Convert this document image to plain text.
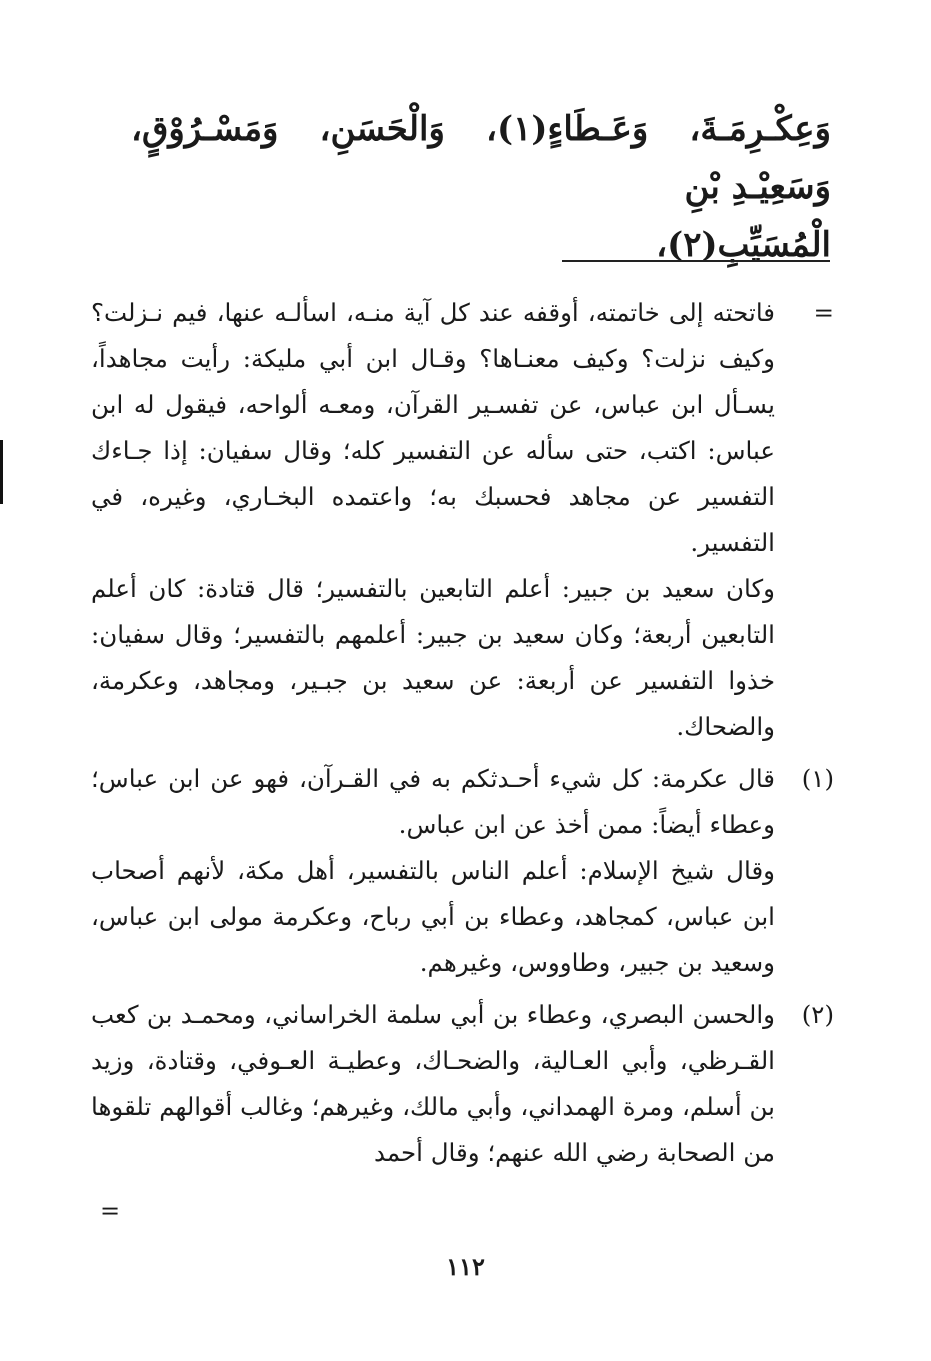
وَعِكْـرِمَـةَ، وَعَـطَاءٍ(١)، وَالْحَسَنِ، وَمَسْـرُوْقٍ، وَسَعِيْـدِ بْنِ
الْمُسَيِّبِ(٢)،
=

فاتحته إلى خاتمته، أوقفه عند كل آية منـه، اسألـه عنها، فيم نـزلت؟ وكيف نزلت؟ وكيف معنـاها؟ وقـال ابن أبي مليكة: رأيت مجاهداً، يسـأل ابن عباس، عن تفسـير القرآن، ومعـه ألواحه، فيقول له ابن عباس: اكتب، حتى سأله عن التفسير كله؛ وقال سفيان: إذا جـاءك التفسير عن مجاهد فحسبك به؛ واعتمده البخـاري، وغيره، في التفسير.

وكان سعيد بن جبير: أعلم التابعين بالتفسير؛ قال قتادة: كان أعلم التابعين أربعة؛ وكان سعيد بن جبير: أعلمهم بالتفسير؛ وقال سفيان: خذوا التفسير عن أربعة: عن سعيد بن جبـير، ومجاهد، وعكرمة، والضحاك.

(١)

قال عكرمة: كل شيء أحـدثكم به في القـرآن، فهو عن ابن عباس؛ وعطاء أيضاً: ممن أخذ عن ابن عباس.

وقال شيخ الإسلام: أعلم الناس بالتفسير، أهل مكة، لأنهم أصحاب ابن عباس، كمجاهد، وعطاء بن أبي رباح، وعكرمة مولى ابن عباس، وسعيد بن جبير، وطاووس، وغيرهم.

(٢)

والحسن البصري، وعطاء بن أبي سلمة الخراساني، ومحمـد بن كعب القـرظي، وأبي العـالية، والضحـاك، وعطيـة العـوفي، وقتادة، وزيد بن أسلم، ومرة الهمداني، وأبي مالك، وغيرهم؛ وغالب أقوالهم تلقوها من الصحابة رضي الله عنهم؛ وقال أحمد

=
١١٢
